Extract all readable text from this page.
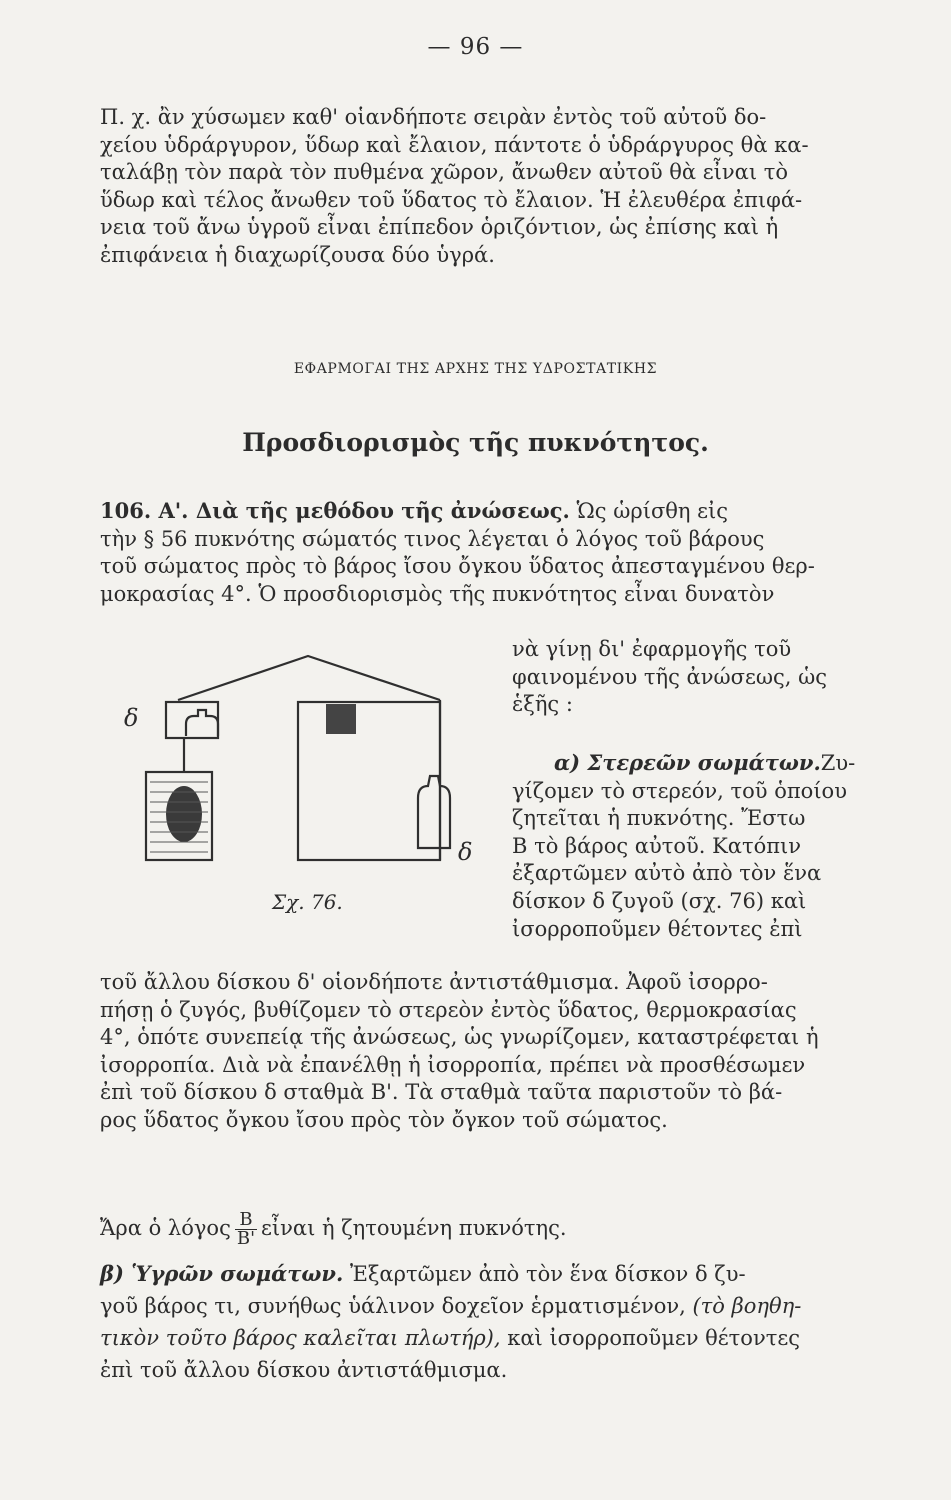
— 96 —
Π. χ. ἂν χύσωμεν καθ' οἱανδήποτε σειρὰν ἐντὸς τοῦ αὐτοῦ δο-
χείου ὑδράργυρον, ὕδωρ καὶ ἔλαιον, πάντοτε ὁ ὑδράργυρος θὰ κα-
ταλάβῃ τὸν παρὰ τὸν πυθμένα χῶρον, ἄνωθεν αὐτοῦ θὰ εἶναι τὸ
ὕδωρ καὶ τέλος ἄνωθεν τοῦ ὕδατος τὸ ἔλαιον. Ἡ ἐλευθέρα ἐπιφά-
νεια τοῦ ἄνω ὑγροῦ εἶναι ἐπίπεδον ὁριζόντιον, ὡς ἐπίσης καὶ ἡ
ἐπιφάνεια ἡ διαχωρίζουσα δύο ὑγρά.
ΕΦΑΡΜΟΓΑΙ ΤΗΣ ΑΡΧΗΣ ΤΗΣ ΥΔΡΟΣΤΑΤΙΚΗΣ
Προσδιορισμὸς τῆς πυκνότητος.
106. Α'. Διὰ τῆς μεθόδου τῆς ἀνώσεως. Ὡς ὡρίσθη εἰς
τὴν § 56 πυκνότης σώματός τινος λέγεται ὁ λόγος τοῦ βάρους
τοῦ σώματος πρὸς τὸ βάρος ἴσου ὄγκου ὕδατος ἀπεσταγμένου θερ-
μοκρασίας 4°. Ὁ προσδιορισμὸς τῆς πυκνότητος εἶναι δυνατὸν
νὰ γίνῃ δι' ἐφαρμογῆς τοῦ
φαινομένου τῆς ἀνώσεως, ὡς
ἑξῆς :
α) Στερεῶν σωμάτων.Ζυ-
γίζομεν τὸ στερεόν, τοῦ ὁποίου
ζητεῖται ἡ πυκνότης. Ἔστω
Β τὸ βάρος αὐτοῦ. Κατόπιν
ἐξαρτῶμεν αὐτὸ ἀπὸ τὸν ἕνα
δίσκον δ ζυγοῦ (σχ. 76) καὶ
ἰσορροποῦμεν θέτοντες ἐπὶ
δ
δ
Σχ. 76.
τοῦ ἄλλου δίσκου δ' οἱονδήποτε ἀντιστάθμισμα. Ἀφοῦ ἰσορρο-
πήσῃ ὁ ζυγός, βυθίζομεν τὸ στερεὸν ἐντὸς ὕδατος, θερμοκρασίας
4°, ὁπότε συνεπείᾳ τῆς ἀνώσεως, ὡς γνωρίζομεν, καταστρέφεται ἡ
ἰσορροπία. Διὰ νὰ ἐπανέλθῃ ἡ ἰσορροπία, πρέπει νὰ προσθέσωμεν
ἐπὶ τοῦ δίσκου δ σταθμὰ Β'. Τὰ σταθμὰ ταῦτα παριστοῦν τὸ βά-
ρος ὕδατος ὄγκου ἴσου πρὸς τὸν ὄγκον τοῦ σώματος.
Ἄρα ὁ λόγος $\frac{B}{B'}$ εἶναι ἡ ζητουμένη πυκνότης.
β) Ὑγρῶν σωμάτων. Ἐξαρτῶμεν ἀπὸ τὸν ἕνα δίσκον δ ζυ-
γοῦ βάρος τι, συνήθως ὑάλινον δοχεῖον ἑρματισμένον, (τὸ βοηθη-
τικὸν τοῦτο βάρος καλεῖται πλωτήρ), καὶ ἰσορροποῦμεν θέτοντες
ἐπὶ τοῦ ἄλλου δίσκου ἀντιστάθμισμα.
